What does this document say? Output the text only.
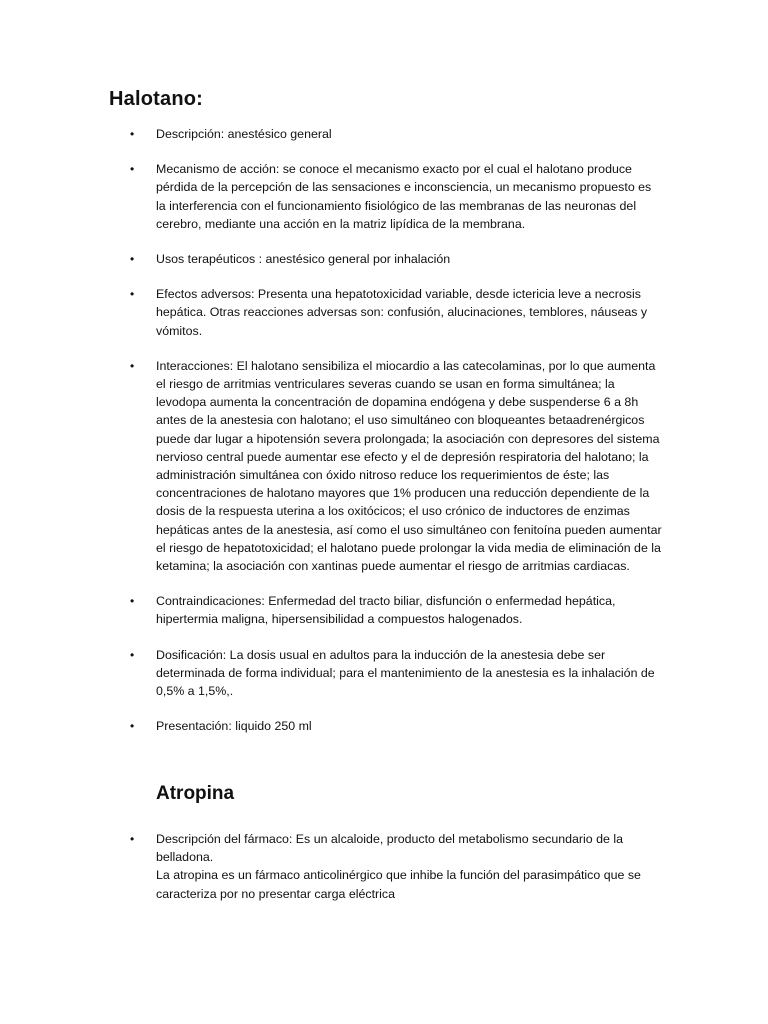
Halotano:
• Descripción: anestésico general
• Mecanismo de acción: se conoce el mecanismo exacto por el cual el halotano produce pérdida de la percepción de las sensaciones e inconsciencia, un mecanismo propuesto es la interferencia con el funcionamiento fisiológico de las membranas de las neuronas del cerebro, mediante una acción en la matriz lipídica de la membrana.
• Usos terapéuticos : anestésico general por inhalación
• Efectos adversos: Presenta una hepatotoxicidad variable, desde ictericia leve a necrosis hepática. Otras reacciones adversas son: confusión, alucinaciones, temblores, náuseas y vómitos.
• Interacciones: El halotano sensibiliza el miocardio a las catecolaminas, por lo que aumenta el riesgo de arritmias ventriculares severas cuando se usan en forma simultánea; la levodopa aumenta la concentración de dopamina endógena y debe suspenderse 6 a 8h antes de la anestesia con halotano; el uso simultáneo con bloqueantes betaadrenérgicos puede dar lugar a hipotensión severa prolongada; la asociación con depresores del sistema nervioso central puede aumentar ese efecto y el de depresión respiratoria del halotano; la administración simultánea con óxido nitroso reduce los requerimientos de éste; las concentraciones de halotano mayores que 1% producen una reducción dependiente de la dosis de la respuesta uterina a los oxitócicos; el uso crónico de inductores de enzimas hepáticas antes de la anestesia, así como el uso simultáneo con fenitoína pueden aumentar el riesgo de hepatotoxicidad; el halotano puede prolongar la vida media de eliminación de la ketamina; la asociación con xantinas puede aumentar el riesgo de arritmias cardiacas.
• Contraindicaciones: Enfermedad del tracto biliar, disfunción o enfermedad hepática, hipertermia maligna, hipersensibilidad a compuestos halogenados.
• Dosificación: La dosis usual en adultos para la inducción de la anestesia debe ser determinada de forma individual; para el mantenimiento de la anestesia es la inhalación de 0,5% a 1,5%,.
• Presentación: liquido 250 ml
Atropina
• Descripción del fármaco: Es un alcaloide, producto del metabolismo secundario de la belladona.
La atropina es un fármaco anticolinérgico que inhibe la función del parasimpático que se caracteriza por no presentar carga eléctrica
